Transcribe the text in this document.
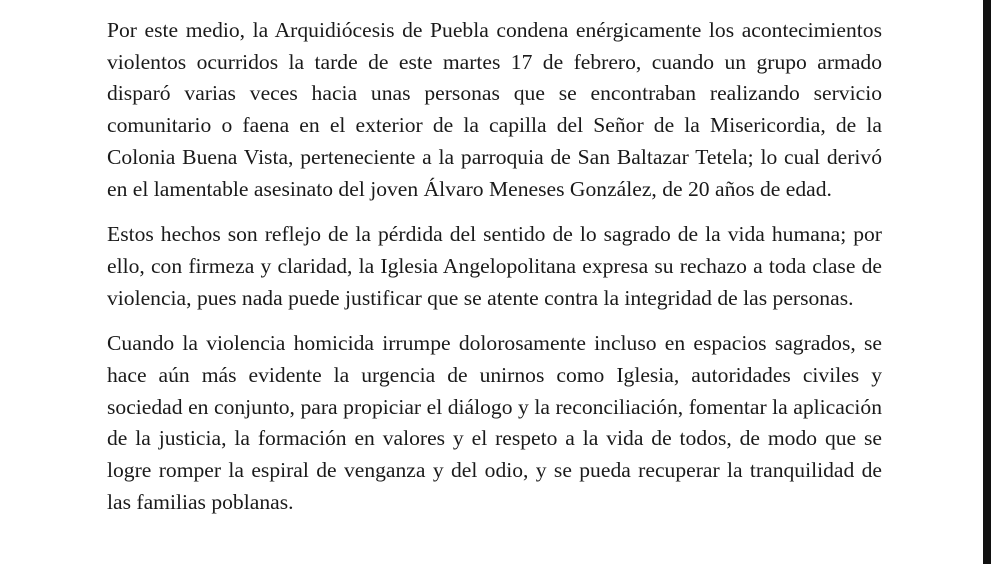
Por este medio, la Arquidiócesis de Puebla condena enérgicamente los acontecimientos violentos ocurridos la tarde de este martes 17 de febrero, cuando un grupo armado disparó varias veces hacia unas personas que se encontraban realizando servicio comunitario o faena en el exterior de la capilla del Señor de la Misericordia, de la Colonia Buena Vista, perteneciente a la parroquia de San Baltazar Tetela; lo cual derivó en el lamentable asesinato del joven Álvaro Meneses González, de 20 años de edad.

Estos hechos son reflejo de la pérdida del sentido de lo sagrado de la vida humana; por ello, con firmeza y claridad, la Iglesia Angelopolitana expresa su rechazo a toda clase de violencia, pues nada puede justificar que se atente contra la integridad de las personas.

Cuando la violencia homicida irrumpe dolorosamente incluso en espacios sagrados, se hace aún más evidente la urgencia de unirnos como Iglesia, autoridades civiles y sociedad en conjunto, para propiciar el diálogo y la reconciliación, fomentar la aplicación de la justicia, la formación en valores y el respeto a la vida de todos, de modo que se logre romper la espiral de venganza y del odio, y se pueda recuperar la tranquilidad de las familias poblanas.
